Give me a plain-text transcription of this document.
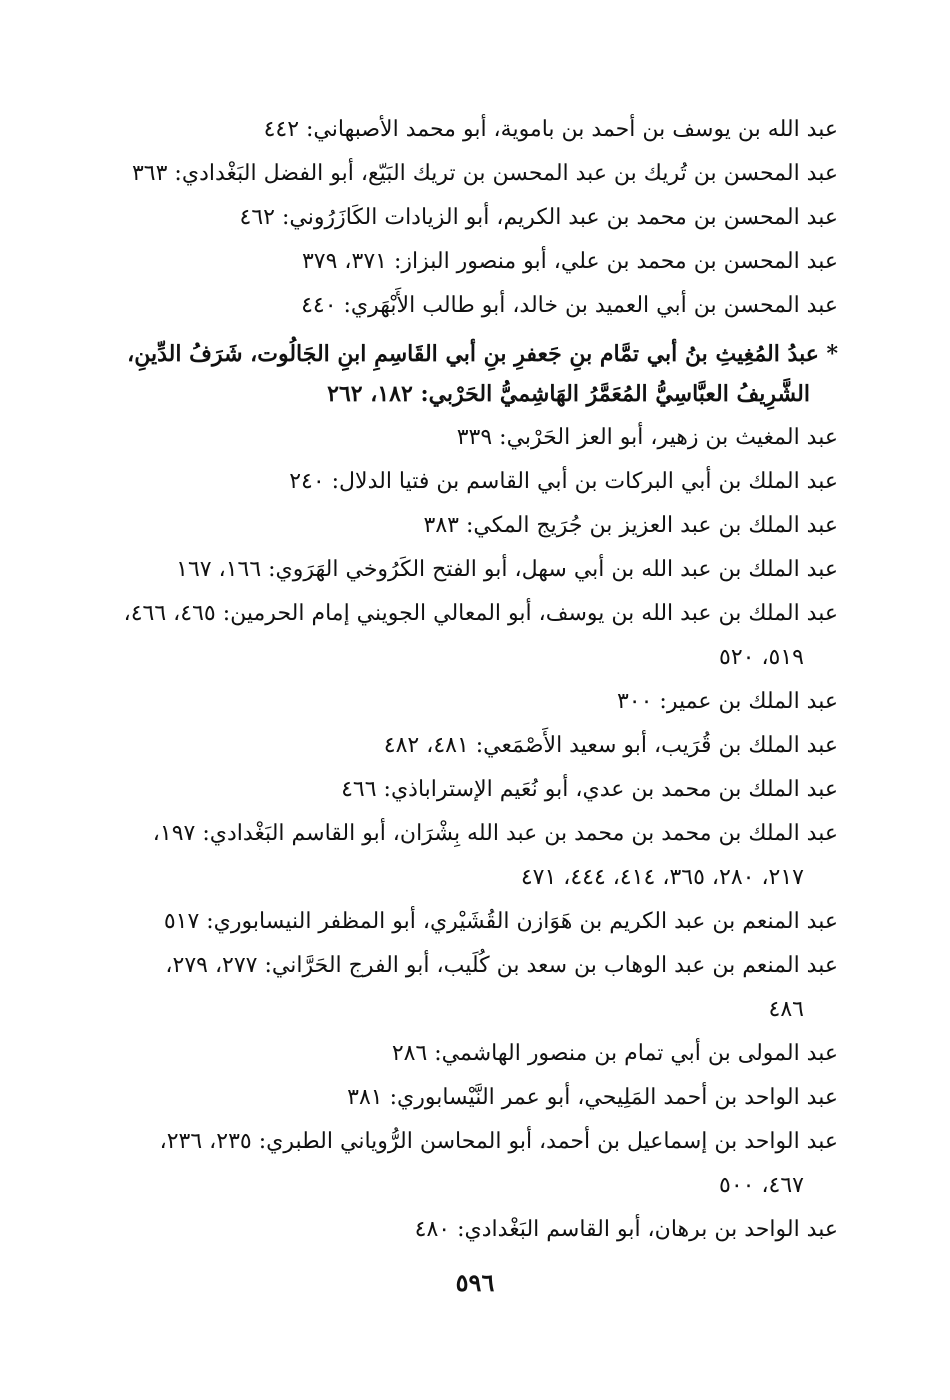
عبد الله بن يوسف بن أحمد بن باموية، أبو محمد الأصبهاني: ٤٤٢

عبد المحسن بن تُريك بن عبد المحسن بن تريك البَيّع، أبو الفضل البَغْدادي: ٣٦٣

عبد المحسن بن محمد بن عبد الكريم، أبو الزيادات الكَازَرُوني: ٤٦٢

عبد المحسن بن محمد بن علي، أبو منصور البزاز: ٣٧١، ٣٧٩

عبد المحسن بن أبي العميد بن خالد، أبو طالب الأَبْهَري: ٤٤٠

* عبدُ المُغِيثِ بنُ أبي تمَّام بنِ جَعفرِ بنِ أبي القَاسِمِ ابنِ الجَالُوت، شَرَفُ الدِّينِ،
الشَّرِيفُ العبَّاسِيُّ المُعَمَّرُ الهَاشِميُّ الحَرْبي: ١٨٢، ٢٦٢

عبد المغيث بن زهير، أبو العز الحَرْبي: ٣٣٩

عبد الملك بن أبي البركات بن أبي القاسم بن فتيا الدلال: ٢٤٠

عبد الملك بن عبد العزيز بن جُرَيج المكي: ٣٨٣

عبد الملك بن عبد الله بن أبي سهل، أبو الفتح الكَرُوخي الهَرَوي: ١٦٦، ١٦٧

عبد الملك بن عبد الله بن يوسف، أبو المعالي الجويني إمام الحرمين: ٤٦٥، ٤٦٦،
٥١٩، ٥٢٠

عبد الملك بن عمير: ٣٠٠

عبد الملك بن قُرَيب، أبو سعيد الأَصْمَعي: ٤٨١، ٤٨٢

عبد الملك بن محمد بن عدي، أبو نُعَيم الإستراباذي: ٤٦٦

عبد الملك بن محمد بن محمد بن عبد الله بِشْرَان، أبو القاسم البَغْدادي: ١٩٧،
٢١٧، ٢٨٠، ٣٦٥، ٤١٤، ٤٤٤، ٤٧١

عبد المنعم بن عبد الكريم بن هَوَازن القُشَيْري، أبو المظفر النيسابوري: ٥١٧

عبد المنعم بن عبد الوهاب بن سعد بن كُلَيب، أبو الفرج الحَرَّاني: ٢٧٧، ٢٧٩،
٤٨٦

عبد المولى بن أبي تمام بن منصور الهاشمي: ٢٨٦

عبد الواحد بن أحمد المَلِيحي، أبو عمر النَّيْسابوري: ٣٨١

عبد الواحد بن إسماعيل بن أحمد، أبو المحاسن الرُّوياني الطبري: ٢٣٥، ٢٣٦،
٤٦٧، ٥٠٠

عبد الواحد بن برهان، أبو القاسم البَغْدادي: ٤٨٠

٥٩٦
